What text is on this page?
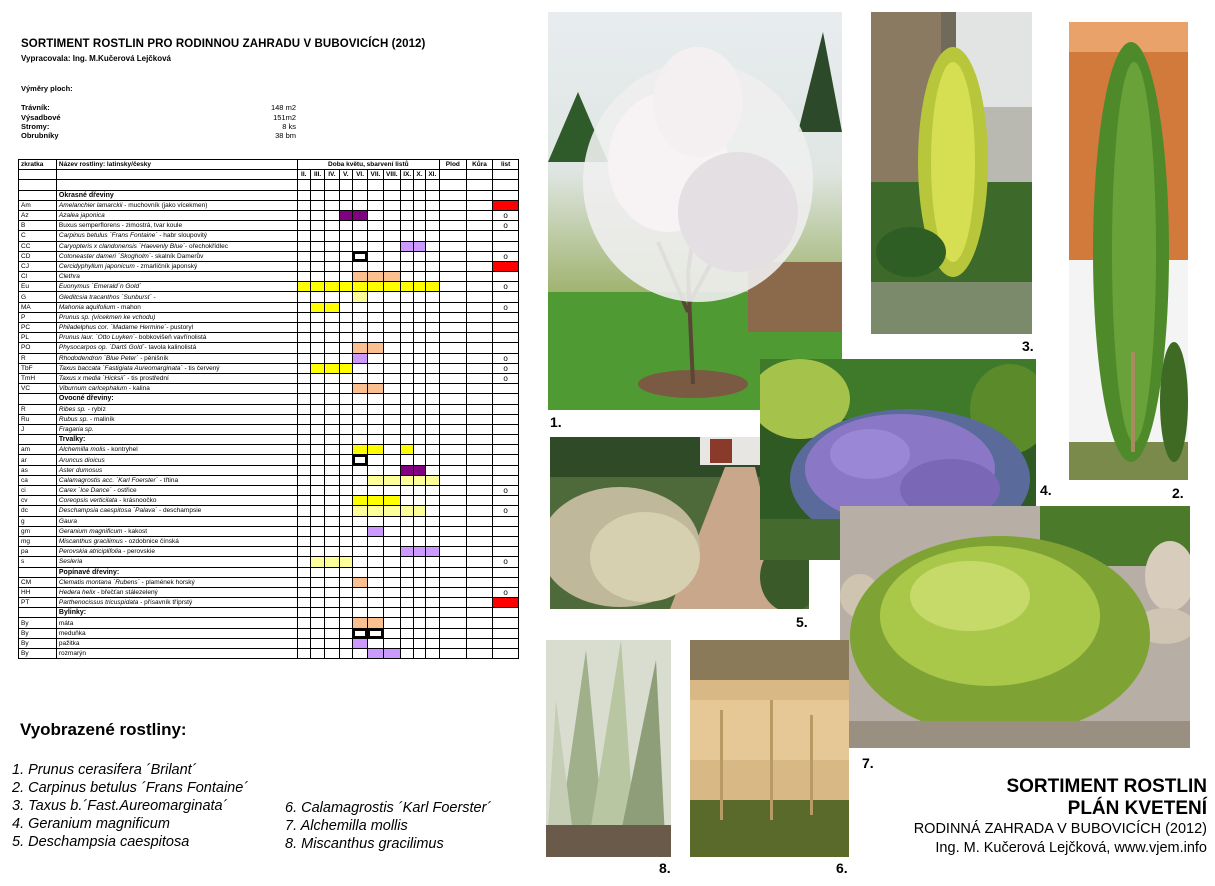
SORTIMENT ROSTLIN PRO RODINNOU ZAHRADU V BUBOVICÍCH (2012)
Vypracovala: Ing. M.Kučerová Lejčková
Výměry ploch:
Trávník:	148 m2
Výsadbové	151m2
Stromy:	8 ks
Obrubníky	38 bm
zkratka	Název rostliny: latinsky/česky	Doba květu, sbarvení listů										Plod	Kůra	list
		II.	III.	IV.	V.	VI.	VII.	VIII.	IX.	X.	XI.			

	Okrasné dřeviny													
Am	Amelanchier lamarckii - muchovník (jako vícekmen)													
Az	Azalea japonica													o
B	Buxus semperflorens - zimostrá, tvar koule													o
C	Carpinus betulus ´Frans Fontaine´ - habr sloupovitý													
CC	Caryopteris x clandonensis ´Haevenly Blue´- ořechokřídlec													
CD	Cotoneaster dameri ´Skogholm´- skalník Damerův													o
CJ	Cercidyphyllum japonicum - zmarličník japonský													
Cl	Clethra													
Eu	Euonymus ´Emerald´n Gold´													o
G	Gleditcsia tracanthos ´Sunburst´ -													
MA	Mahonia aquifolium - mahon													o
P	Prunus sp. (vícekmen ke vchodu)													
PC	Philadelphus cor. ´Madame Hermine´- pustoryl													
PL	Prunus laur. ´Otto Luyken´- bobkovišeň vavřínolistá													
PO	Physocarpos op. ´Dartš Gold´- tavola kalinolistá													
R	Rhododendron ´Blue Peter´ - pěnišník													o
TbF	Taxus baccata ´Fastigiata Aureomarginata´ - tis červený													o
TmH	Taxus x media ´Hicksii´ - tis prostřední													o
VC	Viburnum carlcephalum - kalina													
	Ovocné dřeviny:													
R	Ribes sp. - rybíz													
Ru	Rubus sp. - maliník													
J	Fragaria sp.													
	Trvalky:													
am	Alchemilla molis - kontryhel													
ar	Aruncus dioicus													
as	Aster dumosus													
ca	Calamagrostis acc. ´Karl Foerster´ - třtina													
ci	Carex ´Ice Dance´ - ostřice													o
cv	Coreopsis verticilata - krásnoočko													
dc	Deschampsia caespitosa ´Palava´ - deschampsie													o
g	Gaura													
gm	Geranium magnificum - kakost													
mg	Miscanthus gracilimus - ozdobnice čínská													
pa	Perovskia atriciplifolia - perovskie													
s	Sesleria													o
	Popínavé dřeviny:													
CM	Clematis montana ´Rubens´ - plamének horský													
HH	Hedera helix - břečťan stálezelený													o
PT	Parthenocissus tricuspidata - přísavník tříprstý													
	Bylinky:													
By	máta													
By	meduňka													
By	pažitka													
By	rozmarýn													
Vyobrazené rostliny:
1. Prunus cerasifera ´Brilant´
2. Carpinus betulus ´Frans Fontaine´
3. Taxus b.´Fast.Aureomarginata´
4. Geranium magnificum
5. Deschampsia caespitosa
6. Calamagrostis ´Karl Foerster´
7. Alchemilla mollis
8. Miscanthus gracilimus
1.
3.
2.
5.
4.
7.
8.	6.
SORTIMENT ROSTLIN
PLÁN KVETENÍ
RODINNÁ ZAHRADA V BUBOVICÍCH (2012)
Ing. M. Kučerová Lejčková, www.vjem.info
